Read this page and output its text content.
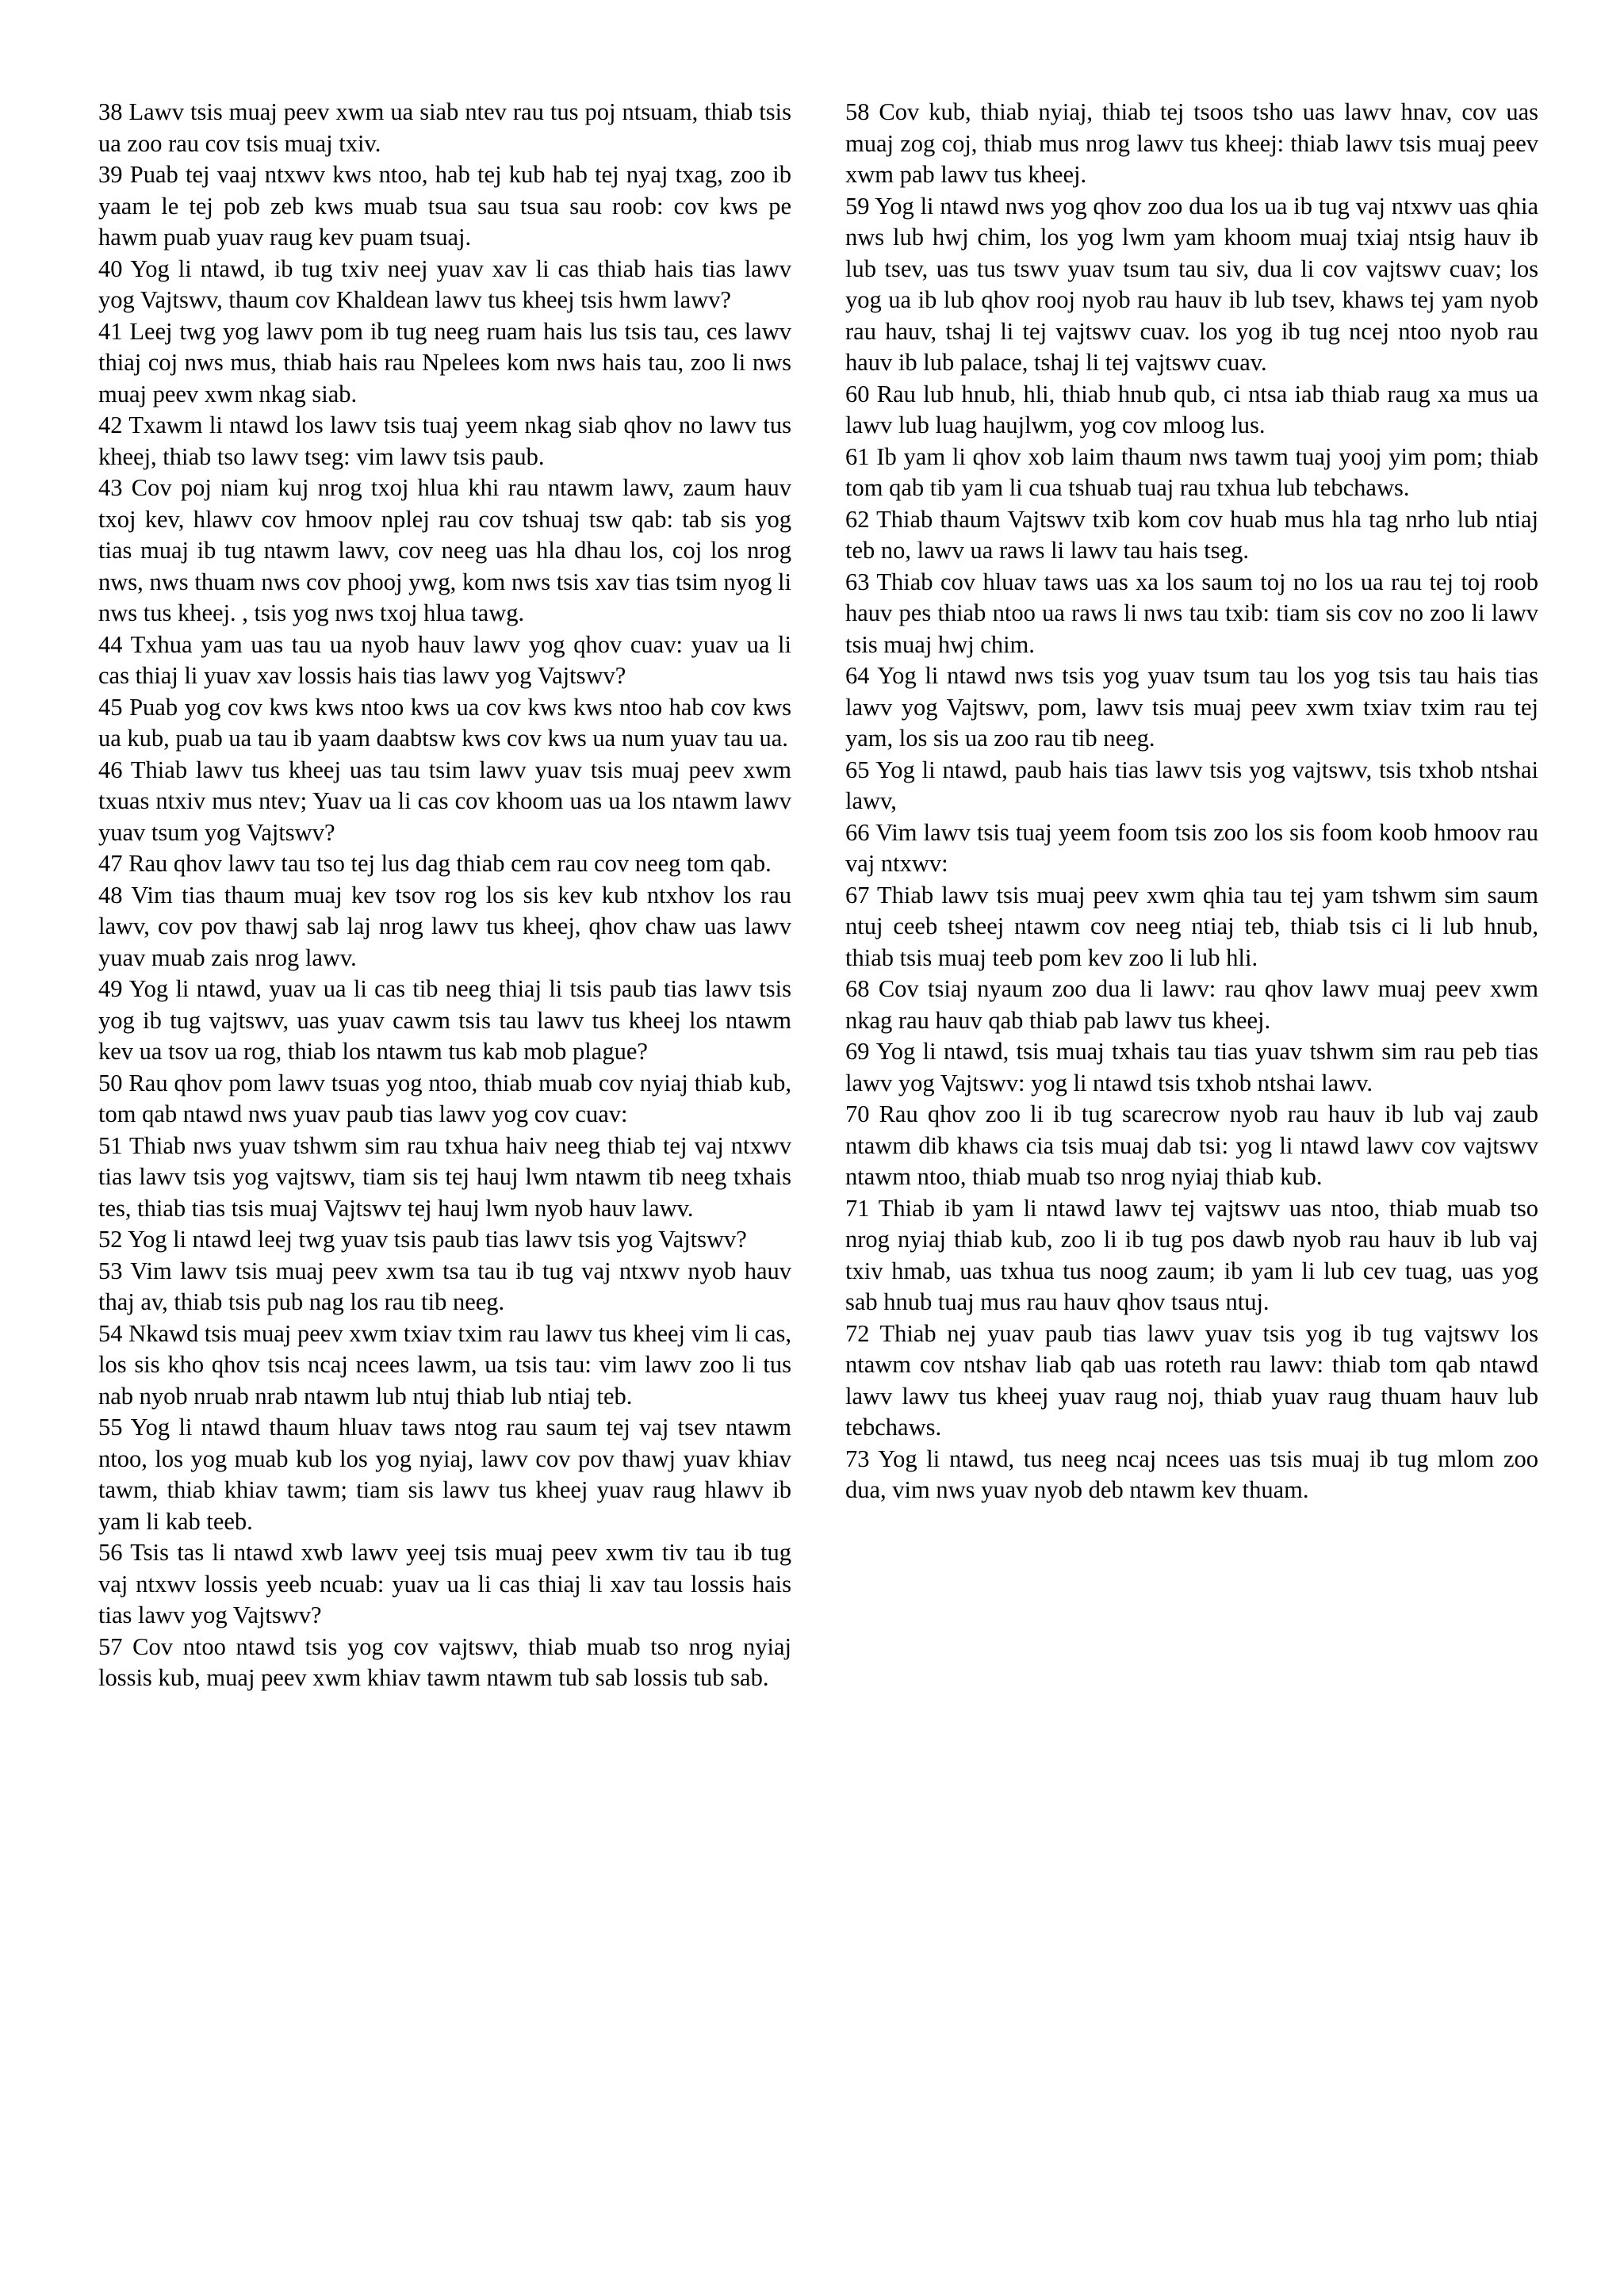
38 Lawv tsis muaj peev xwm ua siab ntev rau tus poj ntsuam, thiab tsis ua zoo rau cov tsis muaj txiv.

39 Puab tej vaaj ntxwv kws ntoo, hab tej kub hab tej nyaj txag, zoo ib yaam le tej pob zeb kws muab tsua sau tsua sau roob: cov kws pe hawm puab yuav raug kev puam tsuaj.

40 Yog li ntawd, ib tug txiv neej yuav xav li cas thiab hais tias lawv yog Vajtswv, thaum cov Khaldean lawv tus kheej tsis hwm lawv?

41 Leej twg yog lawv pom ib tug neeg ruam hais lus tsis tau, ces lawv thiaj coj nws mus, thiab hais rau Npelees kom nws hais tau, zoo li nws muaj peev xwm nkag siab.

42 Txawm li ntawd los lawv tsis tuaj yeem nkag siab qhov no lawv tus kheej, thiab tso lawv tseg: vim lawv tsis paub.

43 Cov poj niam kuj nrog txoj hlua khi rau ntawm lawv, zaum hauv txoj kev, hlawv cov hmoov nplej rau cov tshuaj tsw qab: tab sis yog tias muaj ib tug ntawm lawv, cov neeg uas hla dhau los, coj los nrog nws, nws thuam nws cov phooj ywg, kom nws tsis xav tias tsim nyog li nws tus kheej. , tsis yog nws txoj hlua tawg.

44 Txhua yam uas tau ua nyob hauv lawv yog qhov cuav: yuav ua li cas thiaj li yuav xav lossis hais tias lawv yog Vajtswv?

45 Puab yog cov kws kws ntoo kws ua cov kws kws ntoo hab cov kws ua kub, puab ua tau ib yaam daabtsw kws cov kws ua num yuav tau ua.

46 Thiab lawv tus kheej uas tau tsim lawv yuav tsis muaj peev xwm txuas ntxiv mus ntev; Yuav ua li cas cov khoom uas ua los ntawm lawv yuav tsum yog Vajtswv?

47 Rau qhov lawv tau tso tej lus dag thiab cem rau cov neeg tom qab.

48 Vim tias thaum muaj kev tsov rog los sis kev kub ntxhov los rau lawv, cov pov thawj sab laj nrog lawv tus kheej, qhov chaw uas lawv yuav muab zais nrog lawv.

49 Yog li ntawd, yuav ua li cas tib neeg thiaj li tsis paub tias lawv tsis yog ib tug vajtswv, uas yuav cawm tsis tau lawv tus kheej los ntawm kev ua tsov ua rog, thiab los ntawm tus kab mob plague?

50 Rau qhov pom lawv tsuas yog ntoo, thiab muab cov nyiaj thiab kub, tom qab ntawd nws yuav paub tias lawv yog cov cuav:

51 Thiab nws yuav tshwm sim rau txhua haiv neeg thiab tej vaj ntxwv tias lawv tsis yog vajtswv, tiam sis tej hauj lwm ntawm tib neeg txhais tes, thiab tias tsis muaj Vajtswv tej hauj lwm nyob hauv lawv.

52 Yog li ntawd leej twg yuav tsis paub tias lawv tsis yog Vajtswv?

53 Vim lawv tsis muaj peev xwm tsa tau ib tug vaj ntxwv nyob hauv thaj av, thiab tsis pub nag los rau tib neeg.

54 Nkawd tsis muaj peev xwm txiav txim rau lawv tus kheej vim li cas, los sis kho qhov tsis ncaj ncees lawm, ua tsis tau: vim lawv zoo li tus nab nyob nruab nrab ntawm lub ntuj thiab lub ntiaj teb.

55 Yog li ntawd thaum hluav taws ntog rau saum tej vaj tsev ntawm ntoo, los yog muab kub los yog nyiaj, lawv cov pov thawj yuav khiav tawm, thiab khiav tawm; tiam sis lawv tus kheej yuav raug hlawv ib yam li kab teeb.

56 Tsis tas li ntawd xwb lawv yeej tsis muaj peev xwm tiv tau ib tug vaj ntxwv lossis yeeb ncuab: yuav ua li cas thiaj li xav tau lossis hais tias lawv yog Vajtswv?

57 Cov ntoo ntawd tsis yog cov vajtswv, thiab muab tso nrog nyiaj lossis kub, muaj peev xwm khiav tawm ntawm tub sab lossis tub sab.

58 Cov kub, thiab nyiaj, thiab tej tsoos tsho uas lawv hnav, cov uas muaj zog coj, thiab mus nrog lawv tus kheej: thiab lawv tsis muaj peev xwm pab lawv tus kheej.

59 Yog li ntawd nws yog qhov zoo dua los ua ib tug vaj ntxwv uas qhia nws lub hwj chim, los yog lwm yam khoom muaj txiaj ntsig hauv ib lub tsev, uas tus tswv yuav tsum tau siv, dua li cov vajtswv cuav; los yog ua ib lub qhov rooj nyob rau hauv ib lub tsev, khaws tej yam nyob rau hauv, tshaj li tej vajtswv cuav. los yog ib tug ncej ntoo nyob rau hauv ib lub palace, tshaj li tej vajtswv cuav.

60 Rau lub hnub, hli, thiab hnub qub, ci ntsa iab thiab raug xa mus ua lawv lub luag haujlwm, yog cov mloog lus.

61 Ib yam li qhov xob laim thaum nws tawm tuaj yooj yim pom; thiab tom qab tib yam li cua tshuab tuaj rau txhua lub tebchaws.

62 Thiab thaum Vajtswv txib kom cov huab mus hla tag nrho lub ntiaj teb no, lawv ua raws li lawv tau hais tseg.

63 Thiab cov hluav taws uas xa los saum toj no los ua rau tej toj roob hauv pes thiab ntoo ua raws li nws tau txib: tiam sis cov no zoo li lawv tsis muaj hwj chim.

64 Yog li ntawd nws tsis yog yuav tsum tau los yog tsis tau hais tias lawv yog Vajtswv, pom, lawv tsis muaj peev xwm txiav txim rau tej yam, los sis ua zoo rau tib neeg.

65 Yog li ntawd, paub hais tias lawv tsis yog vajtswv, tsis txhob ntshai lawv,

66 Vim lawv tsis tuaj yeem foom tsis zoo los sis foom koob hmoov rau vaj ntxwv:

67 Thiab lawv tsis muaj peev xwm qhia tau tej yam tshwm sim saum ntuj ceeb tsheej ntawm cov neeg ntiaj teb, thiab tsis ci li lub hnub, thiab tsis muaj teeb pom kev zoo li lub hli.

68 Cov tsiaj nyaum zoo dua li lawv: rau qhov lawv muaj peev xwm nkag rau hauv qab thiab pab lawv tus kheej.

69 Yog li ntawd, tsis muaj txhais tau tias yuav tshwm sim rau peb tias lawv yog Vajtswv: yog li ntawd tsis txhob ntshai lawv.

70 Rau qhov zoo li ib tug scarecrow nyob rau hauv ib lub vaj zaub ntawm dib khaws cia tsis muaj dab tsi: yog li ntawd lawv cov vajtswv ntawm ntoo, thiab muab tso nrog nyiaj thiab kub.

71 Thiab ib yam li ntawd lawv tej vajtswv uas ntoo, thiab muab tso nrog nyiaj thiab kub, zoo li ib tug pos dawb nyob rau hauv ib lub vaj txiv hmab, uas txhua tus noog zaum; ib yam li lub cev tuag, uas yog sab hnub tuaj mus rau hauv qhov tsaus ntuj.

72 Thiab nej yuav paub tias lawv yuav tsis yog ib tug vajtswv los ntawm cov ntshav liab qab uas roteth rau lawv: thiab tom qab ntawd lawv lawv tus kheej yuav raug noj, thiab yuav raug thuam hauv lub tebchaws.

73 Yog li ntawd, tus neeg ncaj ncees uas tsis muaj ib tug mlom zoo dua, vim nws yuav nyob deb ntawm kev thuam.
